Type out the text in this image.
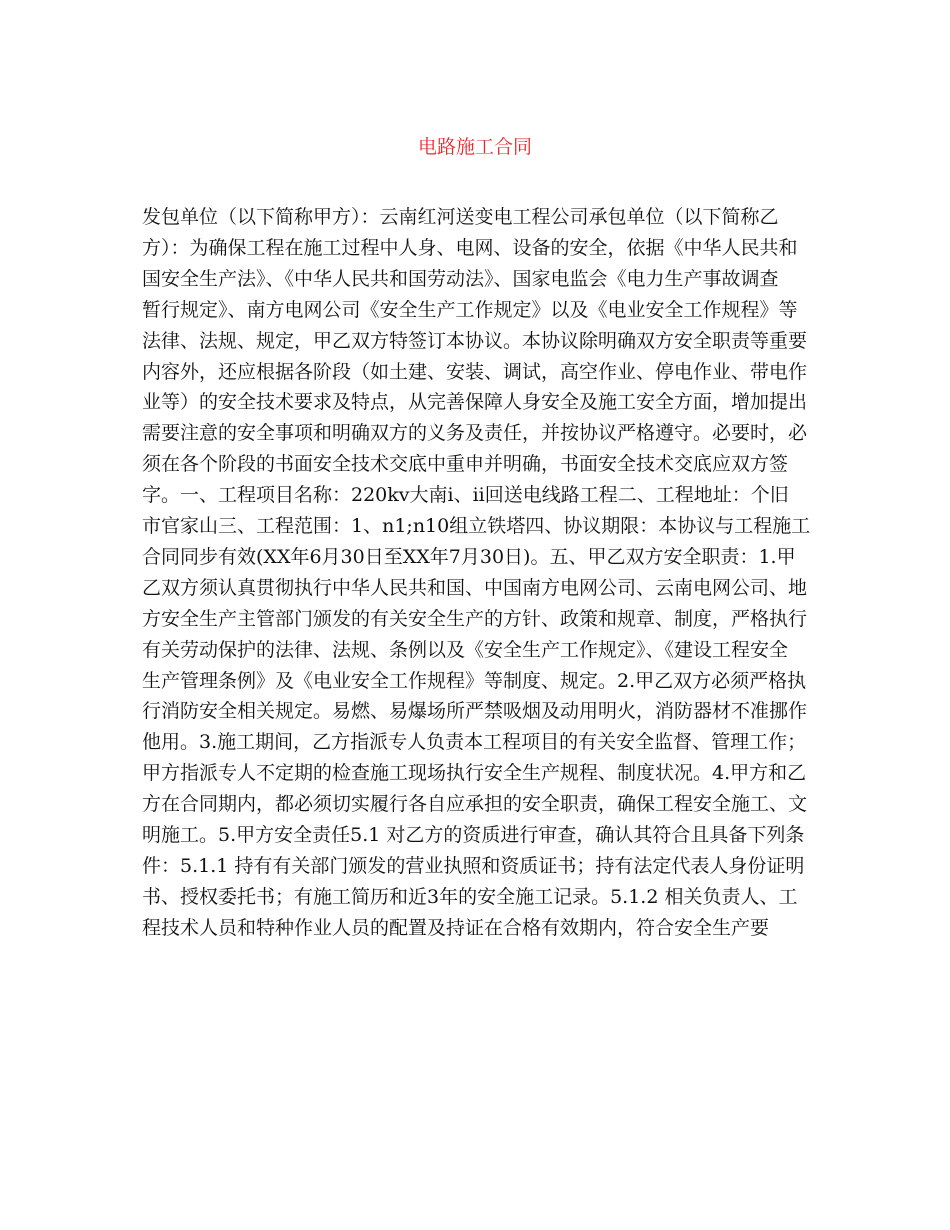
电路施工合同

发包单位（以下简称甲方）：云南红河送变电工程公司承包单位（以下简称乙

方）：为确保工程在施工过程中人身、电网、设备的安全，依据《中华人民共和

国安全生产法》、《中华人民共和国劳动法》、国家电监会《电力生产事故调查

暂行规定》、南方电网公司《安全生产工作规定》以及《电业安全工作规程》等

法律、法规、规定，甲乙双方特签订本协议。本协议除明确双方安全职责等重要

内容外，还应根据各阶段（如土建、安装、调试，高空作业、停电作业、带电作

业等）的安全技术要求及特点，从完善保障人身安全及施工安全方面，增加提出

需要注意的安全事项和明确双方的义务及责任，并按协议严格遵守。必要时，必

须在各个阶段的书面安全技术交底中重申并明确，书面安全技术交底应双方签

字。一、工程项目名称：220kv大南i、ii回送电线路工程二、工程地址：个旧

市官家山三、工程范围：1、n1;n10组立铁塔四、协议期限：本协议与工程施工

合同同步有效(XX年6月30日至XX年7月30日)。五、甲乙双方安全职责：1.甲

乙双方须认真贯彻执行中华人民共和国、中国南方电网公司、云南电网公司、地

方安全生产主管部门颁发的有关安全生产的方针、政策和规章、制度，严格执行

有关劳动保护的法律、法规、条例以及《安全生产工作规定》、《建设工程安全

生产管理条例》及《电业安全工作规程》等制度、规定。2.甲乙双方必须严格执

行消防安全相关规定。易燃、易爆场所严禁吸烟及动用明火，消防器材不准挪作

他用。3.施工期间，乙方指派专人负责本工程项目的有关安全监督、管理工作；

甲方指派专人不定期的检查施工现场执行安全生产规程、制度状况。4.甲方和乙

方在合同期内，都必须切实履行各自应承担的安全职责，确保工程安全施工、文

明施工。5.甲方安全责任5.1 对乙方的资质进行审查，确认其符合且具备下列条

件：5.1.1 持有有关部门颁发的营业执照和资质证书；持有法定代表人身份证明

书、授权委托书；有施工简历和近3年的安全施工记录。5.1.2 相关负责人、工

程技术人员和特种作业人员的配置及持证在合格有效期内，符合安全生产要
